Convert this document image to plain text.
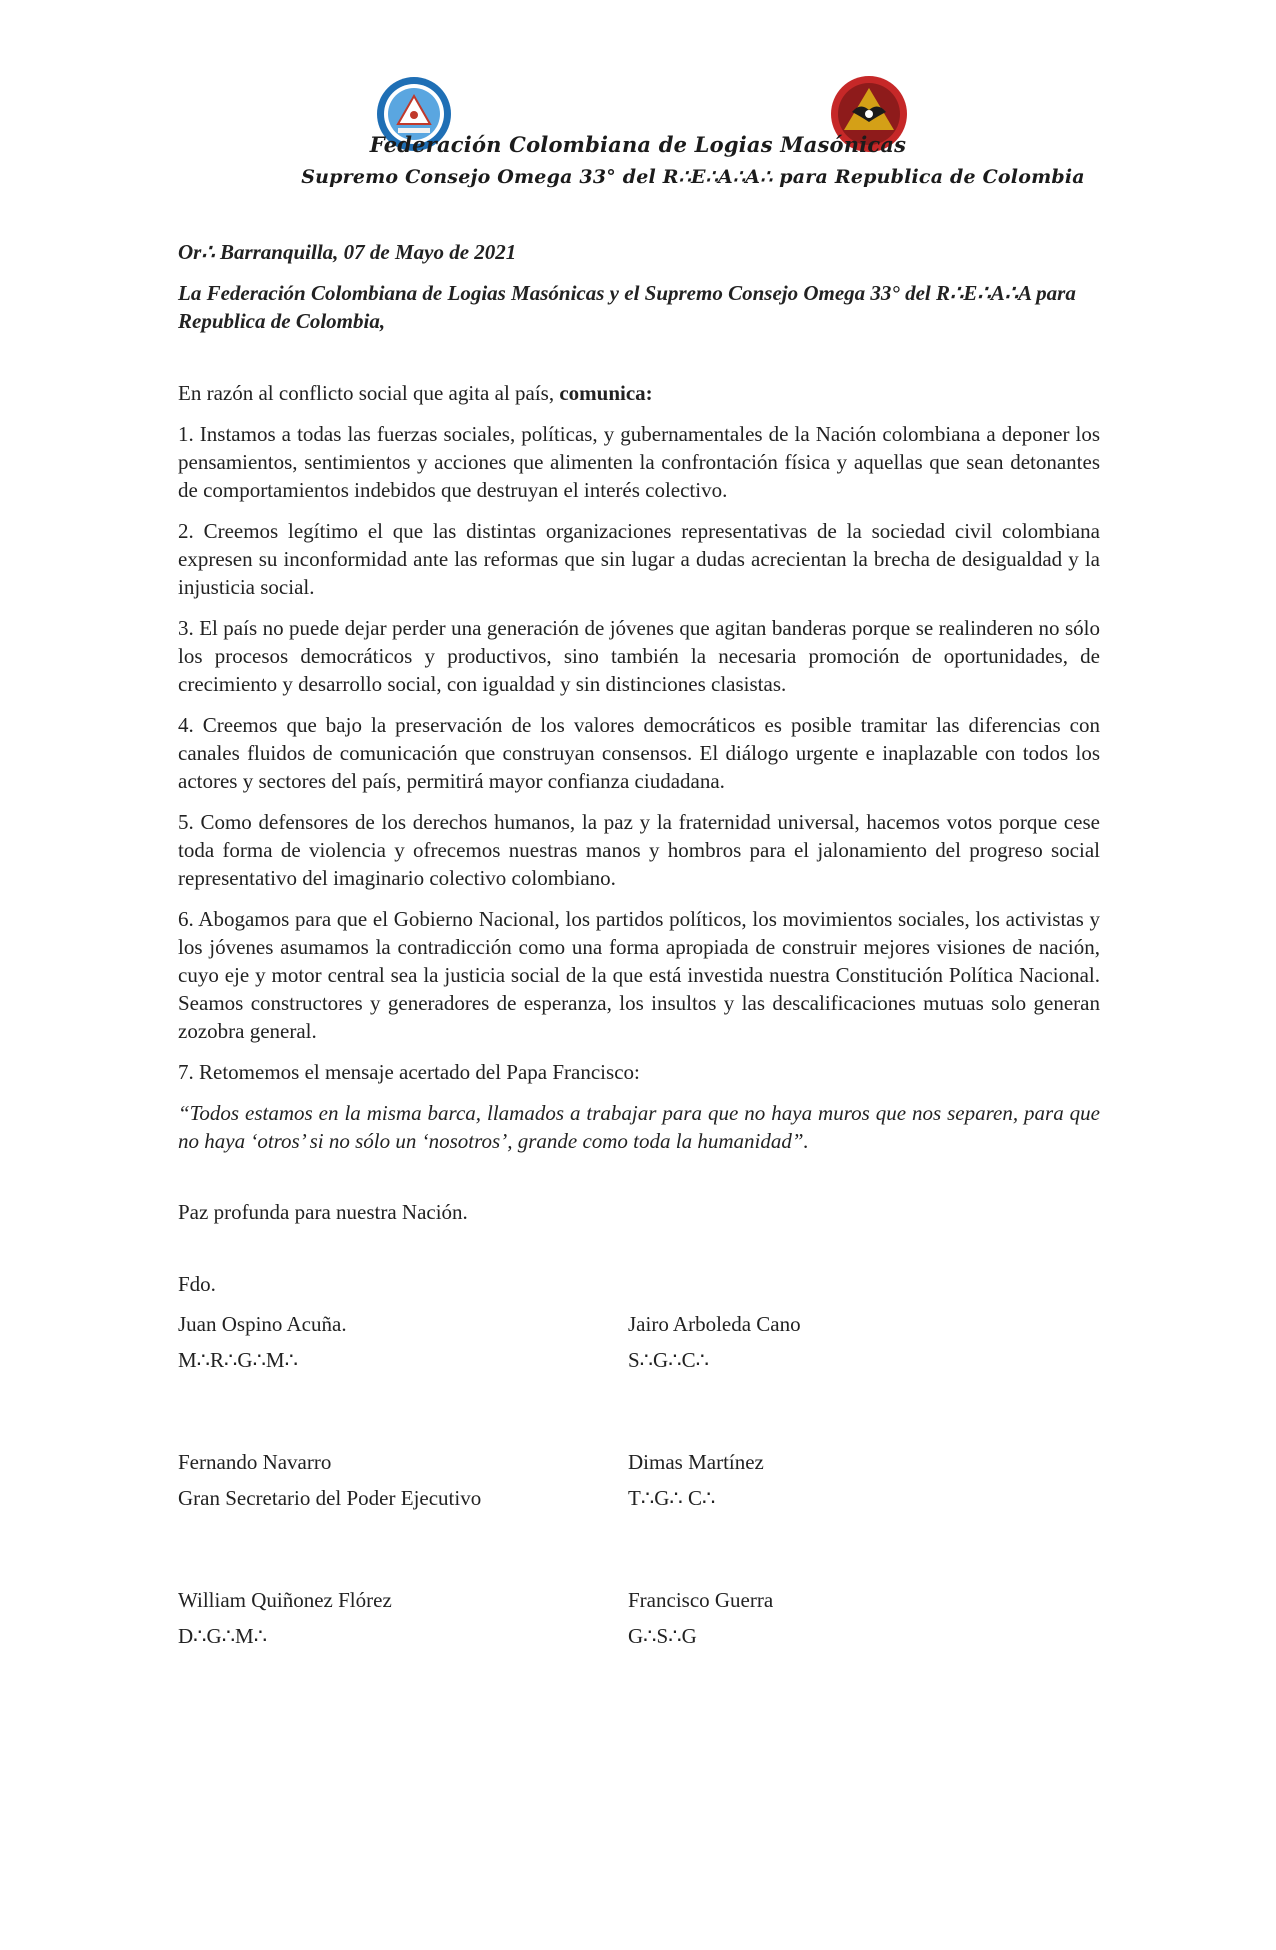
Federación Colombiana de Logias Masónicas
Supremo Consejo Omega 33° del R∴E∴A∴A∴ para Republica de Colombia

Or∴ Barranquilla, 07 de Mayo de 2021

La Federación Colombiana de Logias Masónicas y el Supremo Consejo Omega 33° del R∴E∴A∴A para Republica de Colombia,

En razón al conflicto social que agita al país, comunica:

1. Instamos a todas las fuerzas sociales, políticas, y gubernamentales de la Nación colombiana a deponer los pensamientos, sentimientos y acciones que alimenten la confrontación física y aquellas que sean detonantes de comportamientos indebidos que destruyan el interés colectivo.

2. Creemos legítimo el que las distintas organizaciones representativas de la sociedad civil colombiana expresen su inconformidad ante las reformas que sin lugar a dudas acrecientan la brecha de desigualdad y la injusticia social.

3. El país no puede dejar perder una generación de jóvenes que agitan banderas porque se realinderen no sólo los procesos democráticos y productivos, sino también la necesaria promoción de oportunidades, de crecimiento y desarrollo social, con igualdad y sin distinciones clasistas.

4. Creemos que bajo la preservación de los valores democráticos es posible tramitar las diferencias con canales fluidos de comunicación que construyan consensos. El diálogo urgente e inaplazable con todos los actores y sectores del país, permitirá mayor confianza ciudadana.

5. Como defensores de los derechos humanos, la paz y la fraternidad universal, hacemos votos porque cese toda forma de violencia y ofrecemos nuestras manos y hombros para el jalonamiento del progreso social representativo del imaginario colectivo colombiano.

6. Abogamos para que el Gobierno Nacional, los partidos políticos, los movimientos sociales, los activistas y los jóvenes asumamos la contradicción como una forma apropiada de construir mejores visiones de nación, cuyo eje y motor central sea la justicia social de la que está investida nuestra Constitución Política Nacional. Seamos constructores y generadores de esperanza, los insultos y las descalificaciones mutuas solo generan zozobra general.

7. Retomemos el mensaje acertado del Papa Francisco:

“Todos estamos en la misma barca, llamados a trabajar para que no haya muros que nos separen, para que no haya ‘otros’ si no sólo un ‘nosotros’, grande como toda la humanidad”.

Paz profunda para nuestra Nación.

Fdo.

Juan Ospino Acuña.	Jairo Arboleda Cano
M∴R∴G∴M∴	S∴G∴C∴
Fernando Navarro	Dimas Martínez
Gran Secretario del Poder Ejecutivo	T∴G∴ C∴
William Quiñonez Flórez	Francisco Guerra
D∴G∴M∴	G∴S∴G
